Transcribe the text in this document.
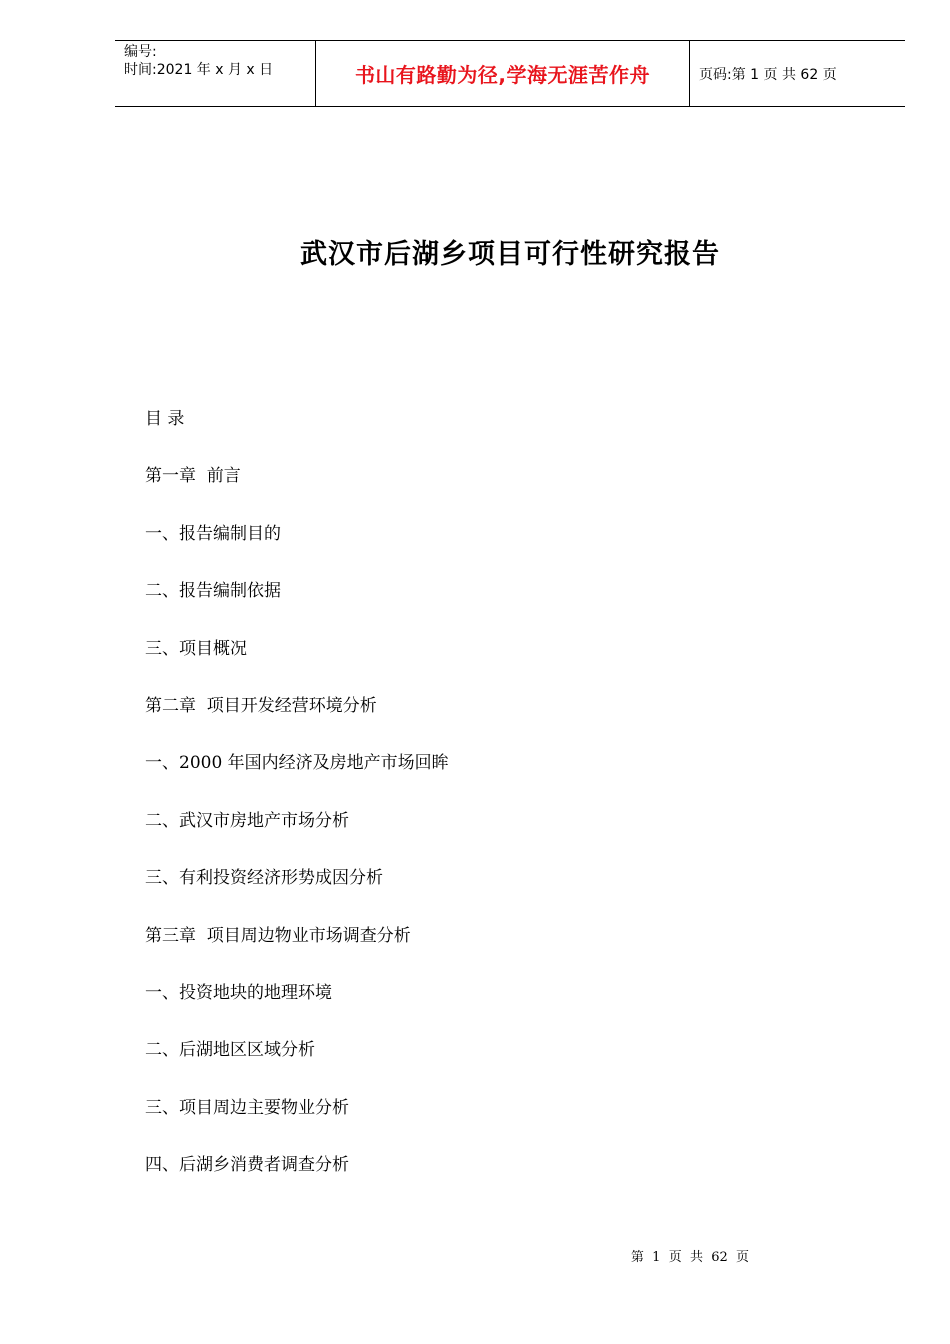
编号:
时间:2021 年 x 月 x 日	书山有路勤为径,学海无涯苦作舟	页码:第 1 页 共 62 页
武汉市后湖乡项目可行性研究报告
目 录
第一章  前言
一、报告编制目的
二、报告编制依据
三、项目概况
第二章  项目开发经营环境分析
一、2000 年国内经济及房地产市场回眸
二、武汉市房地产市场分析
三、有利投资经济形势成因分析
第三章  项目周边物业市场调查分析
一、投资地块的地理环境
二、后湖地区区域分析
三、项目周边主要物业分析
四、后湖乡消费者调查分析
第  1  页  共  62  页
